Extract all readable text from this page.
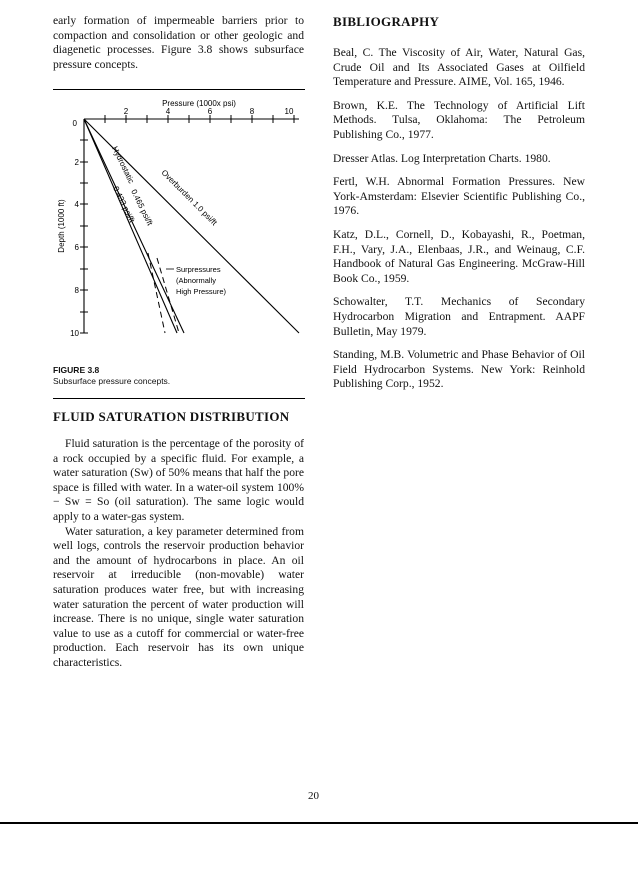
early formation of impermeable barriers prior to compaction and consolidation or other geologic and diagenetic processes. Figure 3.8 shows subsurface pressure concepts.
Pressure (1000x psi)
0
2	4	6	8	10
2
4
6
8
10
Depth (1000 ft)
Surpressures
(Abnormally
High Pressure)
Hydrostatic
0.465 psi/ft
0.433 psi/ft	Overburden 1.0 psi/ft
FIGURE 3.8
Subsurface pressure concepts.
FLUID SATURATION DISTRIBUTION

Fluid saturation is the percentage of the porosity of a rock occupied by a specific fluid. For example, a water saturation (Sw) of 50% means that half the pore space is filled with water. In a water-oil system 100% − Sw = So (oil saturation). The same logic would apply to a water-gas system.

Water saturation, a key parameter determined from well logs, controls the reservoir production behavior and the amount of hydrocarbons in place. An oil reservoir at irreducible (non-movable) water saturation produces water free, but with increasing water saturation the percent of water production will increase. There is no unique, single water saturation value to use as a cutoff for commercial or water-free production. Each reservoir has its own unique characteristics.

BIBLIOGRAPHY

Beal, C. The Viscosity of Air, Water, Natural Gas, Crude Oil and Its Associated Gases at Oilfield Temperature and Pressure. AIME, Vol. 165, 1946.

Brown, K.E. The Technology of Artificial Lift Methods. Tulsa, Oklahoma: The Petroleum Publishing Co., 1977.

Dresser Atlas. Log Interpretation Charts. 1980.

Fertl, W.H. Abnormal Formation Pressures. New York-Amsterdam: Elsevier Scientific Publishing Co., 1976.

Katz, D.L., Cornell, D., Kobayashi, R., Poetman, F.H., Vary, J.A., Elenbaas, J.R., and Weinaug, C.F. Handbook of Natural Gas Engineering. McGraw-Hill Book Co., 1959.

Schowalter, T.T. Mechanics of Secondary Hydrocarbon Migration and Entrapment. AAPF Bulletin, May 1979.

Standing, M.B. Volumetric and Phase Behavior of Oil Field Hydrocarbon Systems. New York: Reinhold Publishing Corp., 1952.

20
